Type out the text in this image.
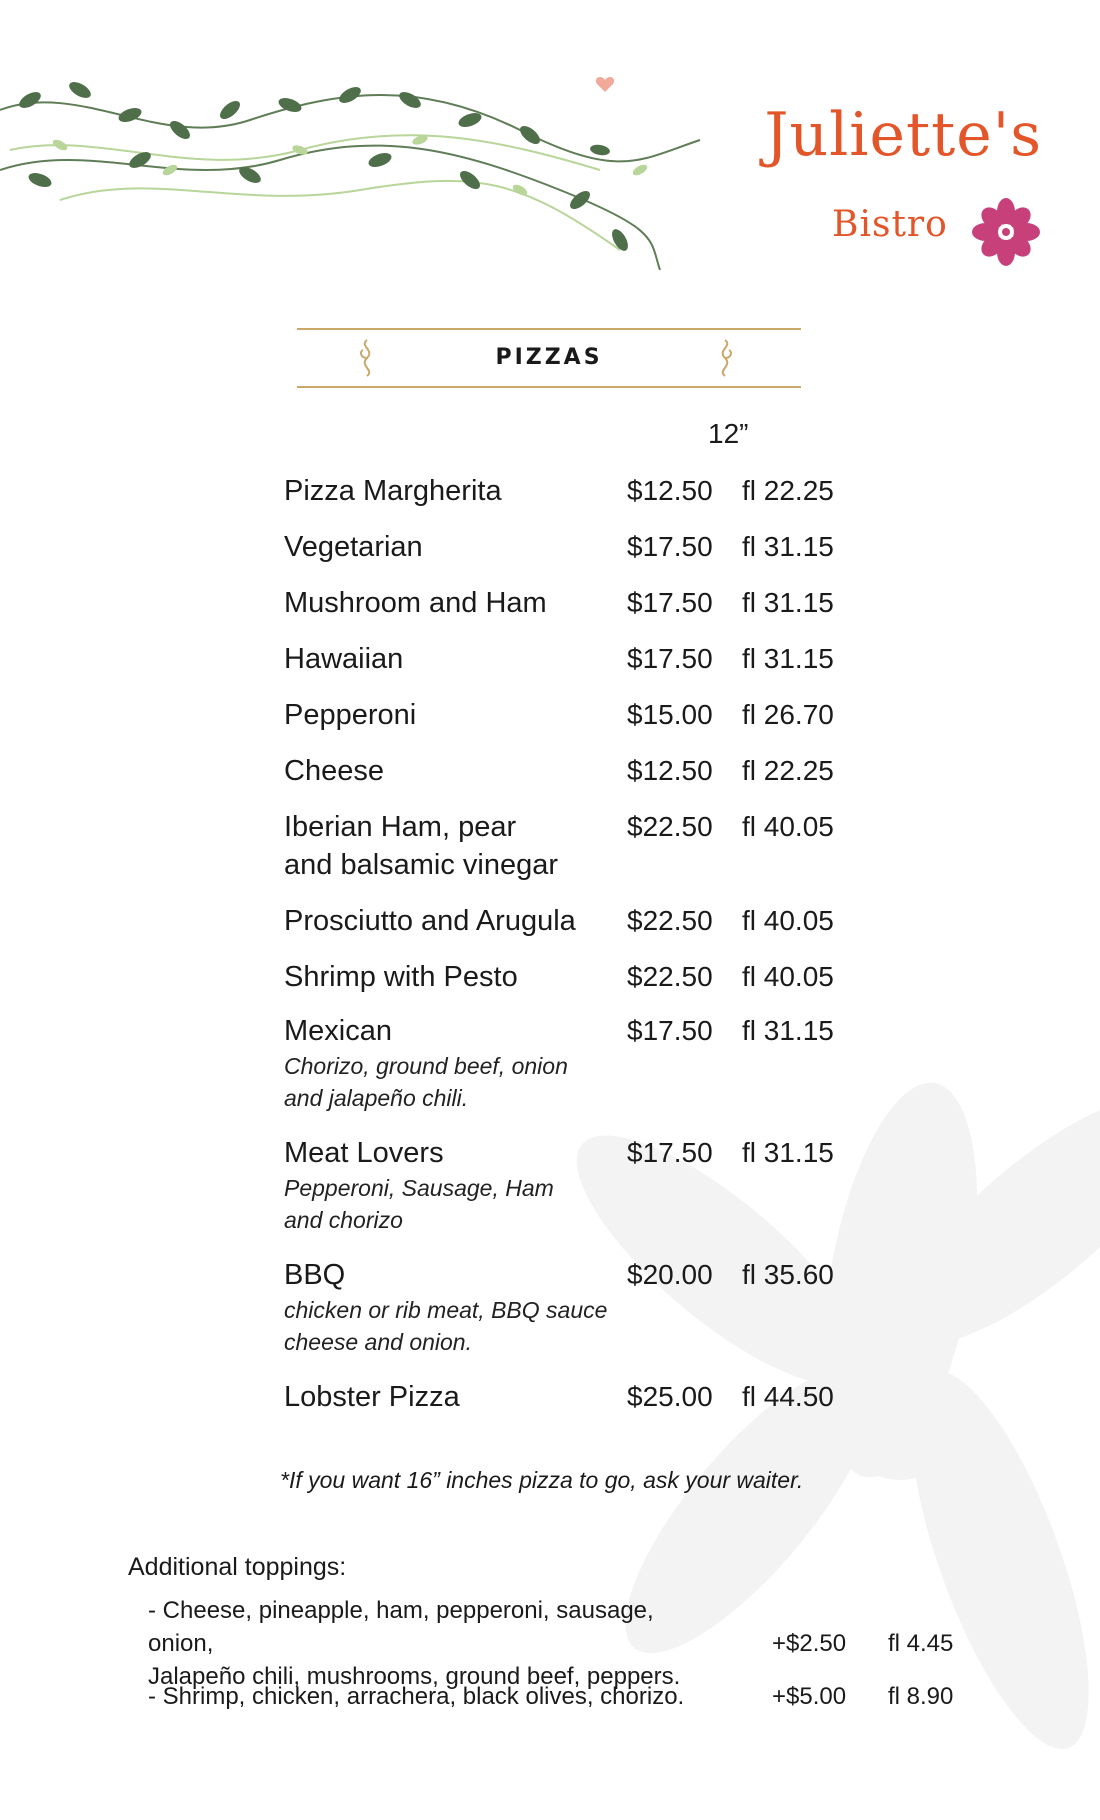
Juliette's
Bistro
PIZZAS
12”
Pizza Margherita	$12.50 fl 22.25
Vegetarian	$17.50 fl 31.15
Mushroom and Ham	$17.50 fl 31.15
Hawaiian	$17.50 fl 31.15
Pepperoni	$15.00 fl 26.70
Cheese	$12.50 fl 22.25
Iberian Ham, pear
and balsamic vinegar
$22.50 fl 40.05
Prosciutto and Arugula	$22.50 fl 40.05
Shrimp with Pesto	$22.50 fl 40.05
Mexican
Chorizo, ground beef, onion
and jalapeño chili.
$17.50 fl 31.15
Meat Lovers
Pepperoni, Sausage, Ham
and chorizo
$17.50 fl 31.15
BBQ
chicken or rib meat, BBQ sauce
cheese and onion.
$20.00 fl 35.60
Lobster Pizza	$25.00 fl 44.50
*If you want 16” inches pizza to go, ask your waiter.
Additional toppings:
- Cheese, pineapple, ham, pepperoni, sausage, onion,
Jalapeño chili, mushrooms, ground beef, peppers.
+$2.50 fl 4.45
- Shrimp, chicken, arrachera, black olives, chorizo.	+$5.00 fl 8.90
